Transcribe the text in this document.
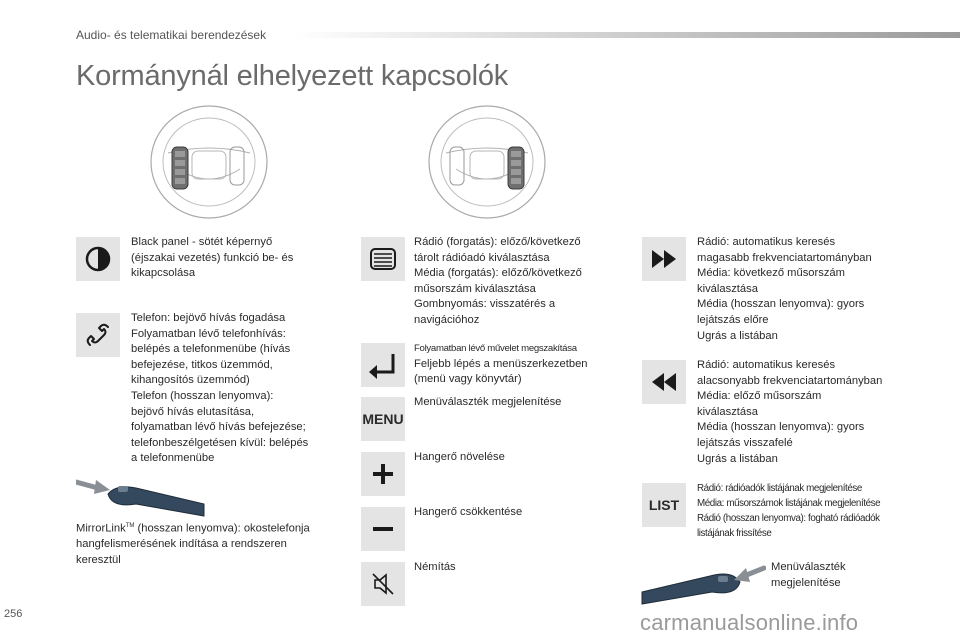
Audio- és telematikai berendezések
Kormánynál elhelyezett kapcsolók
Black panel - sötét képernyő
(éjszakai vezetés) funkció be- és
kikapcsolása
Telefon: bejövő hívás fogadása
Folyamatban lévő telefonhívás:
belépés a telefonmenübe (hívás
befejezése, titkos üzemmód,
kihangosítós üzemmód)
Telefon (hosszan lenyomva):
bejövő hívás elutasítása,
folyamatban lévő hívás befejezése;
telefonbeszélgetésen kívül: belépés
a telefonmenübe
MirrorLink™ (hosszan lenyomva): okostelefonja
hangfelismerésének indítása a rendszeren
keresztül
Rádió (forgatás): előző/következő
tárolt rádióadó kiválasztása
Média (forgatás): előző/következő
műsorszám kiválasztása
Gombnyomás: visszatérés a
navigációhoz
Folyamatban lévő művelet megszakítása
Feljebb lépés a menüszerkezetben
(menü vagy könyvtár)
MENU
Menüválaszték megjelenítése
Hangerő növelése
Hangerő csökkentése
Némítás
Rádió: automatikus keresés
magasabb frekvenciatartományban
Média: következő műsorszám
kiválasztása
Média (hosszan lenyomva): gyors
lejátszás előre
Ugrás a listában
Rádió: automatikus keresés
alacsonyabb frekvenciatartományban
Média: előző műsorszám
kiválasztása
Média (hosszan lenyomva): gyors
lejátszás visszafelé
Ugrás a listában
LIST
Rádió: rádióadók listájának megjelenítése
Média: műsorszámok listájának megjelenítése
Rádió (hosszan lenyomva): fogható rádióadók
listájának frissítése
Menüválaszték
megjelenítése
256	carmanualsonline.info
